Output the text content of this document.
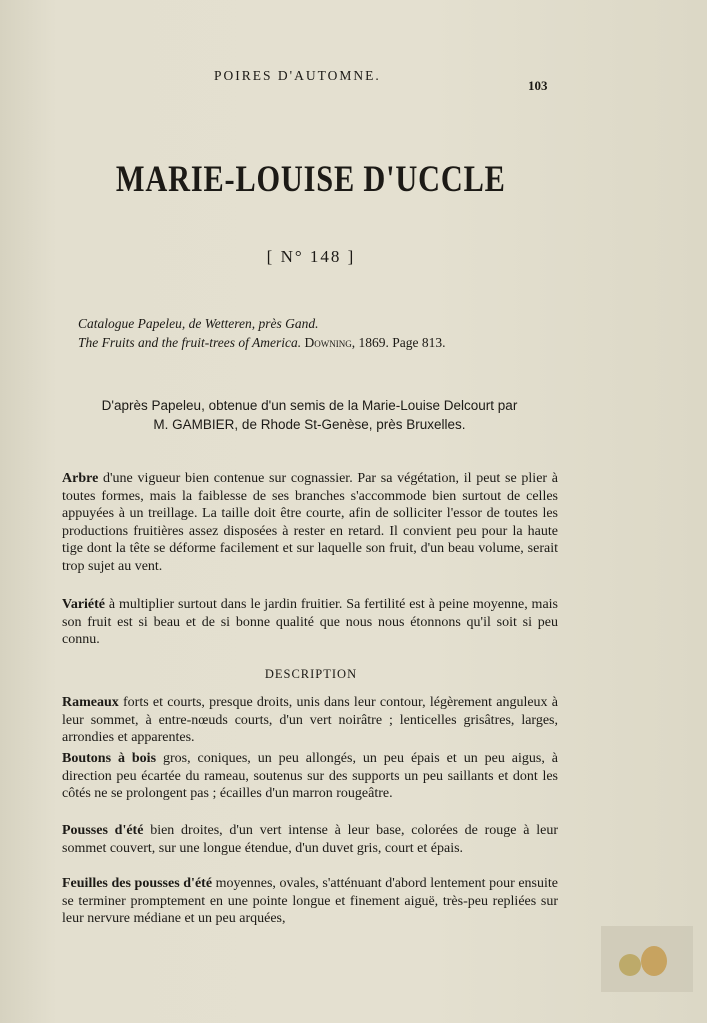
POIRES D'AUTOMNE.
103
MARIE-LOUISE D'UCCLE
[ N° 148 ]
Catalogue Papeleu, de Wetteren, près Gand.
The Fruits and the fruit-trees of America. Downing, 1869. Page 813.
D'après Papeleu, obtenue d'un semis de la Marie-Louise Delcourt par
M. GAMBIER, de Rhode St-Genèse, près Bruxelles.
Arbre d'une vigueur bien contenue sur cognassier. Par sa végétation, il peut se plier à toutes formes, mais la faiblesse de ses branches s'accommode bien surtout de celles appuyées à un treillage. La taille doit être courte, afin de solliciter l'essor de toutes les productions fruitières assez disposées à rester en retard. Il convient peu pour la haute tige dont la tête se déforme facilement et sur laquelle son fruit, d'un beau volume, serait trop sujet au vent.
Variété à multiplier surtout dans le jardin fruitier. Sa fertilité est à peine moyenne, mais son fruit est si beau et de si bonne qualité que nous nous étonnons qu'il soit si peu connu.
DESCRIPTION
Rameaux forts et courts, presque droits, unis dans leur contour, légèrement anguleux à leur sommet, à entre-nœuds courts, d'un vert noirâtre ; lenticelles grisâtres, larges, arrondies et apparentes.
Boutons à bois gros, coniques, un peu allongés, un peu épais et un peu aigus, à direction peu écartée du rameau, soutenus sur des supports un peu saillants et dont les côtés ne se prolongent pas ; écailles d'un marron rougeâtre.
Pousses d'été bien droites, d'un vert intense à leur base, colorées de rouge à leur sommet couvert, sur une longue étendue, d'un duvet gris, court et épais.
Feuilles des pousses d'été moyennes, ovales, s'atténuant d'abord lentement pour ensuite se terminer promptement en une pointe longue et finement aiguë, très-peu repliées sur leur nervure médiane et un peu arquées,
